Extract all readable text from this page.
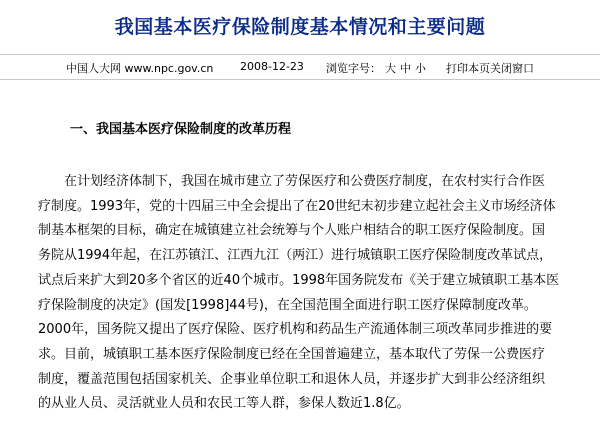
我国基本医疗保险制度基本情况和主要问题
中国人大网 www.npc.gov.cn 2008-12-23 浏览字号： 大 中 小 打印本页 关闭窗口
一、我国基本医疗保险制度的改革历程
在计划经济体制下，我国在城市建立了劳保医疗和公费医疗制度，在农村实行合作医
疗制度。1993年，党的十四届三中全会提出了在20世纪末初步建立起社会主义市场经济体
制基本框架的目标，确定在城镇建立社会统筹与个人账户相结合的职工医疗保险制度。国
务院从1994年起，在江苏镇江、江西九江（两江）进行城镇职工医疗保险制度改革试点，
试点后来扩大到20多个省区的近40个城市。1998年国务院发布《关于建立城镇职工基本医
疗保险制度的决定》(国发[1998]44号)，在全国范围全面进行职工医疗保障制度改革。
2000年，国务院又提出了医疗保险、医疗机构和药品生产流通体制三项改革同步推进的要
求。目前，城镇职工基本医疗保险制度已经在全国普遍建立，基本取代了劳保一公费医疗
制度，覆盖范围包括国家机关、企事业单位职工和退休人员，并逐步扩大到非公经济组织
的从业人员、灵活就业人员和农民工等人群，参保人数近1.8亿。
